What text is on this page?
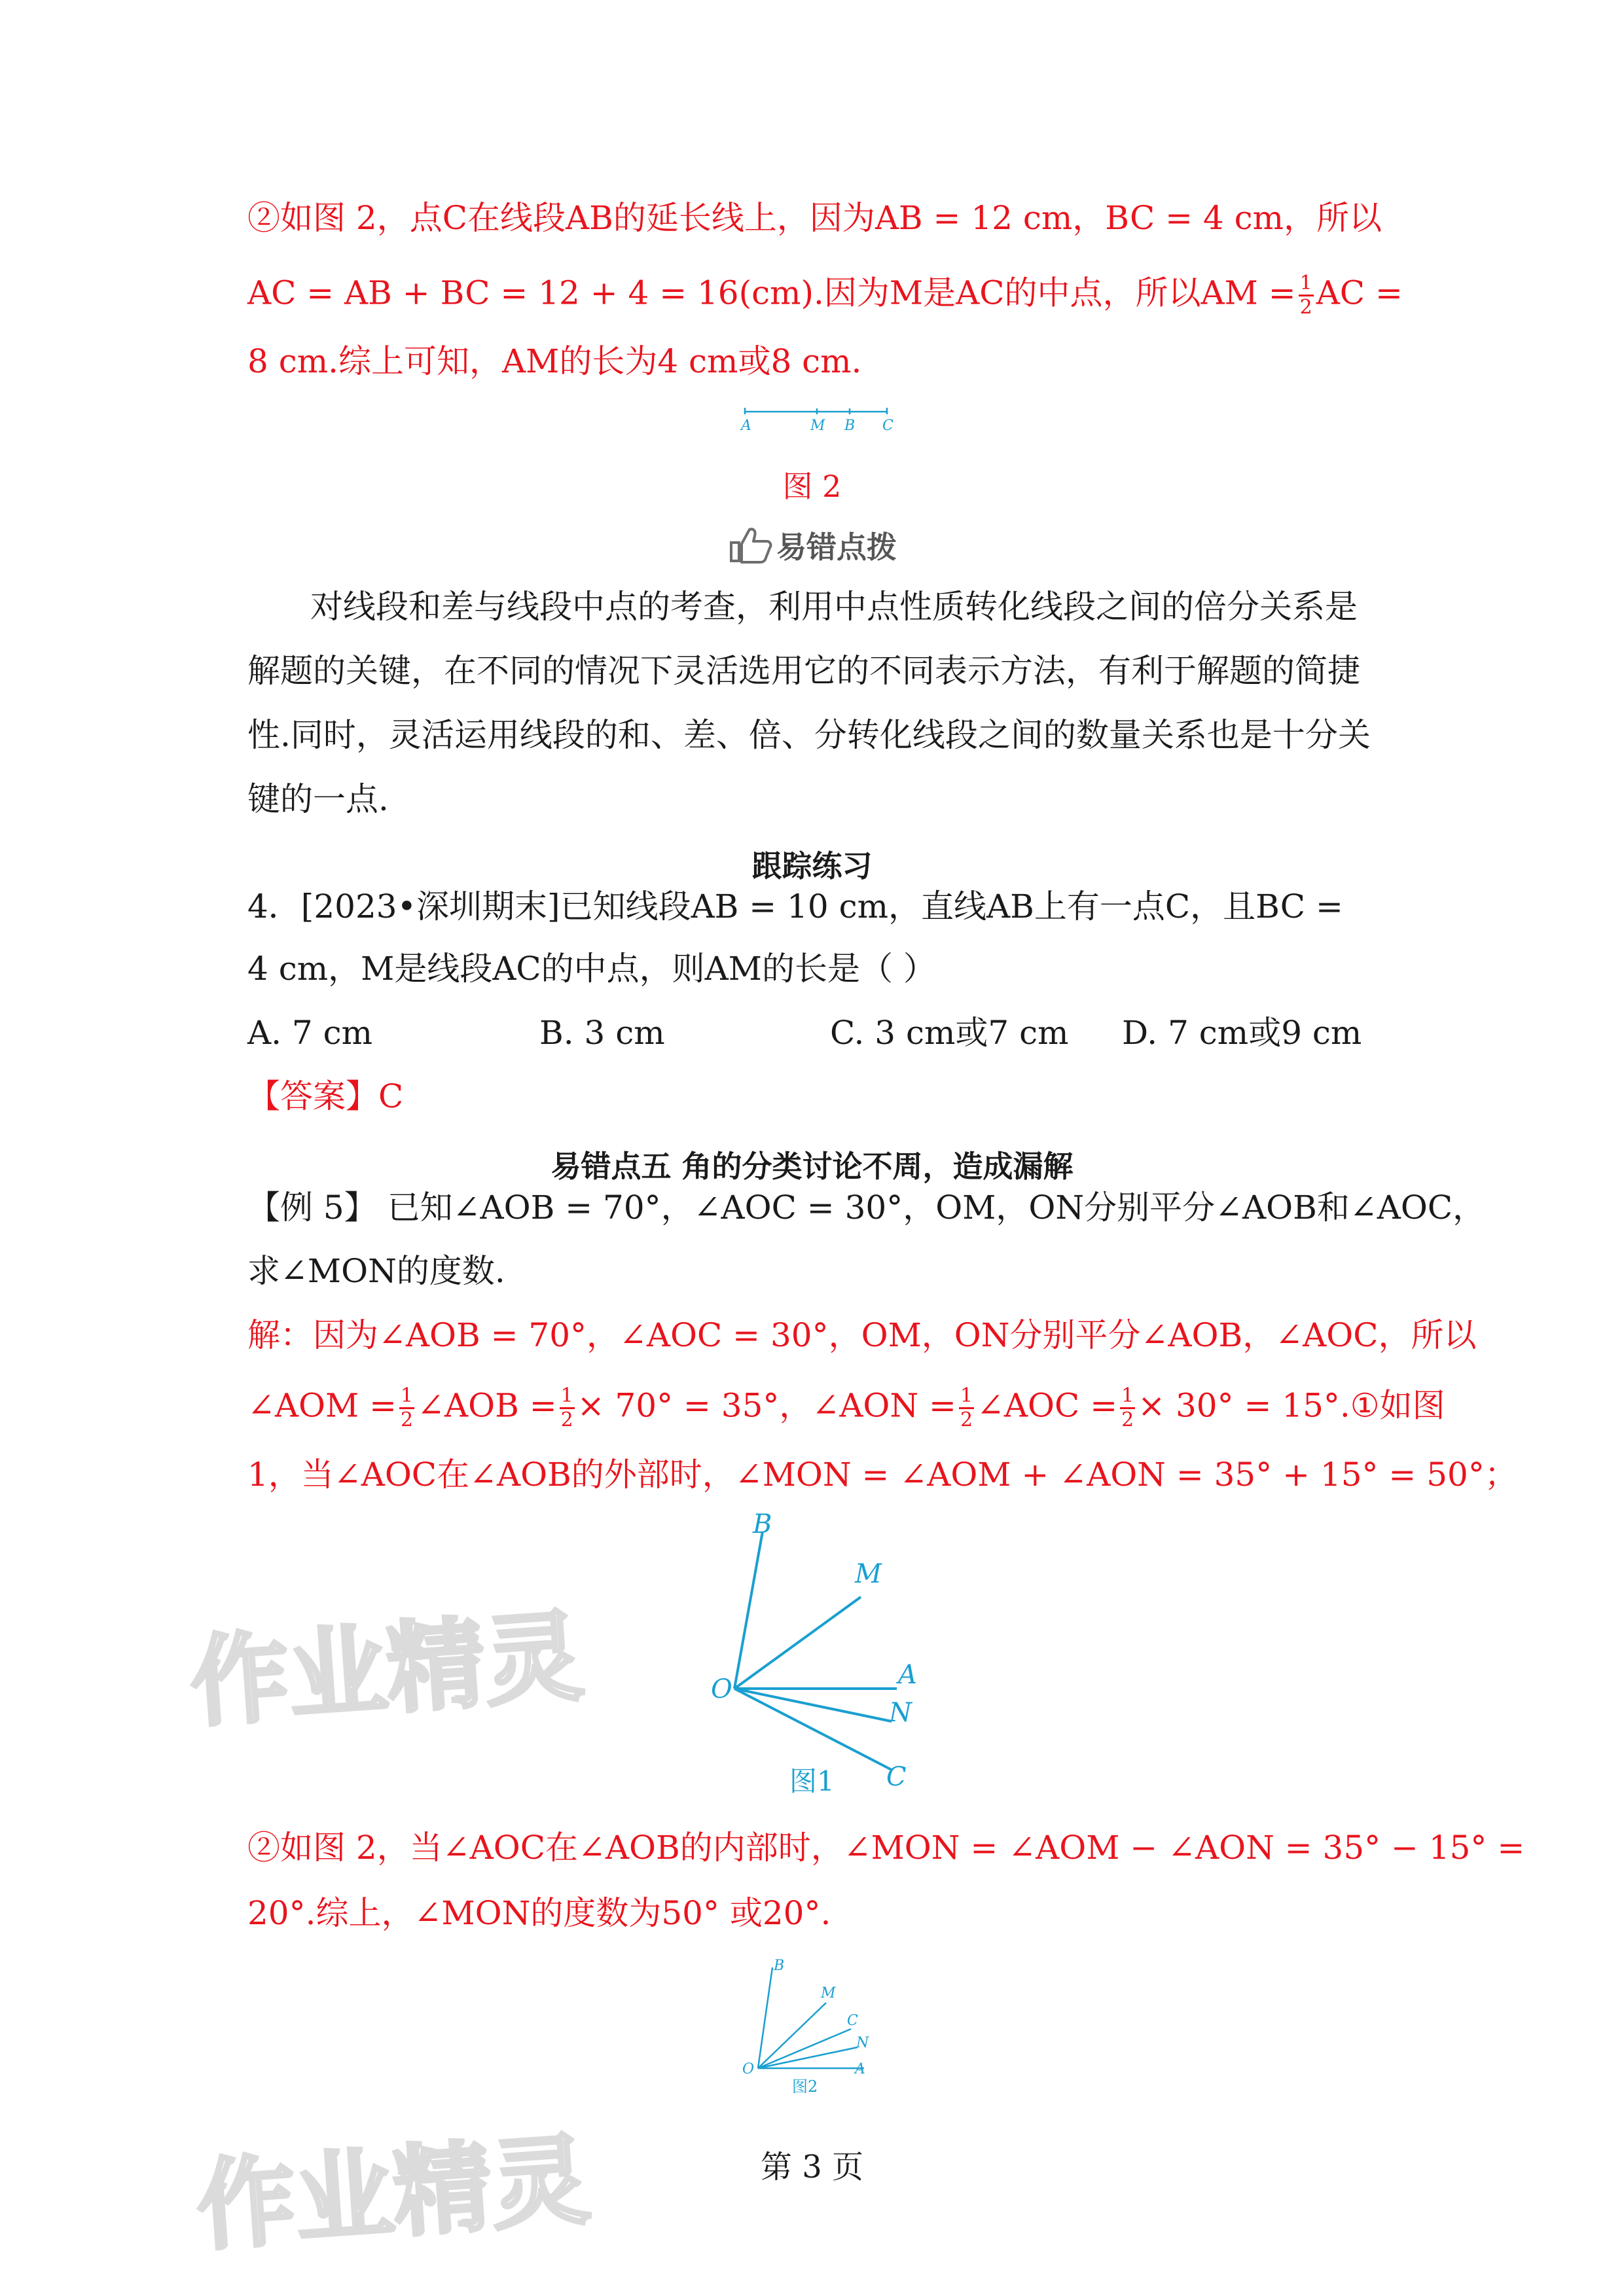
②如图 2，点C在线段AB的延长线上，因为AB = 12 cm，BC = 4 cm，所以
AC = AB + BC = 12 + 4 = 16(cm).因为M是AC的中点，所以AM = $\frac{1}{2}$ AC =
8 cm.综上可知，AM的长为4 cm或8 cm.
A	M B C
图 2
易错点拨
对线段和差与线段中点的考查，利用中点性质转化线段之间的倍分关系是
解题的关键，在不同的情况下灵活选用它的不同表示方法，有利于解题的简捷
性.同时，灵活运用线段的和、差、倍、分转化线段之间的数量关系也是十分关
键的一点.
跟踪练习
4．[2023•深圳期末]已知线段AB = 10 cm，直线AB上有一点C，且BC =
4 cm，M是线段AC的中点，则AM的长是（ ）
A. 7 cm	B. 3 cm	C. 3 cm或7 cm D. 7 cm或9 cm
【答案】C
易错点五 角的分类讨论不周，造成漏解
【例 5】 已知∠AOB = 70°，∠AOC = 30°，OM，ON分别平分∠AOB和∠AOC，
求∠MON的度数.
解：因为∠AOB = 70°，∠AOC = 30°，OM，ON分别平分∠AOB，∠AOC，所以
∠AOM = $\frac{1}{2}$ ∠AOB = $\frac{1}{2} \times 70^\circ = 35^\circ$，∠AON = $\frac{1}{2}$ ∠AOC = $\frac{1}{2} \times 30^\circ$ = 15°.①如图
1，当∠AOC在∠AOB的外部时，∠MON = ∠AOM + ∠AON = 35° + 15° = 50°；
B
M
O	A
N
C
图1
②如图 2，当∠AOC在∠AOB的内部时，∠MON = ∠AOM − ∠AON = 35° − 15° =
20°.综上，∠MON的度数为50° 或20°.
B
M
C
N
O	A
图2
第 3 页
作业精灵
作业精灵
